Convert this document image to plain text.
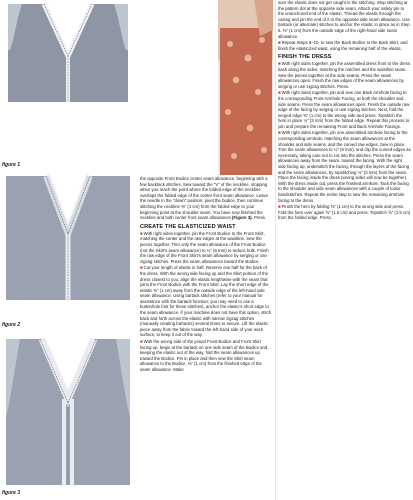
figure 1
figure 2
figure 3

the opposite Front Bodice center seam allowance, beginning with a few backtack stitches. Sew toward the "V" of the neckline, stopping when you reach the point where the folded edge of the neckline overlaps the folded edge of the center front seam allowance. Leave the needle in the "down" position; pivot the bodice, then continue stitching the neckline ⅜" (1 cm) from the folded edge to your beginning point at the shoulder seam. You have now finished the neckline and both center front seam allowances (Figure 3). Press.

CREATE THE ELASTICIZED WAIST

■With right sides together, pin the Front Bodice to the Front Skirt, matching the center and the raw edges at the waistline. Sew the pieces together. Trim only the seam allowance of the Front Bodice (not the Skirt's seam allowance) to ¼" (6 mm) to reduce bulk. Finish the raw edge of the Front Skirt's seam allowance by serging or use zigzag stitches. Press the seam allowances toward the Bodice.

■Cut your length of elastic in half. Reserve one half for the back of the dress. With the wrong side facing up and the Skirt portion of the dress closest to you, align the elastic lengthwise with the seam that joins the Front Bodice with the Front Skirt. Lay the short edge of the elastic ⅜" (1 cm) away from the outside edge of the left-hand side seam allowance. Using bartack stitches (refer to your manual for assistance with the bartack function; you may need to use a buttonhole foot for these stitches), anchor the elastic's short edge to the seam allowance. If your machine does not have this option, stitch back and forth across the elastic with narrow zigzag stitches (manually creating bartacks) several times to secure. Lift the elastic piece away from the fabric toward the left-hand side of your work surface, to keep it out of the way.

■With the wrong side of the joined Front Bodice and Front Skirt facing up, begin at the bartack on one side seam of the Bodice and, keeping the elastic out of the way, fold the seam allowances up toward the Bodice. Pin in place and then sew the Skirt seam allowance to the Bodice, ⅜" (1 cm) from the finished edge of the seam allowance. Make

sure the elastic does not get caught in the stitching. Stop stitching at the pattern dot at the opposite side seam. Attach your safety pin to the unanchored end of the elastic. Thread the elastic through the casing and pin the end of it to the opposite side seam allowance. Use bartack (or alternate) stitches to anchor the elastic in place as in Step 6. ⅜" (1 cm) from the outside edge of the right-hand side seam allowance.

■Repeat Steps 8–10, to sew the Back Bodice to the Back Skirt, and finish the elasticized waist, using the remaining half of the elastic.

FINISH THE DRESS

■With right sides together, pin the assembled dress front to the dress back along the sides, matching the notches and the waistline seam. Sew the pieces together at the side seams. Press the seam allowances open. Finish the raw edges of the seam allowances by serging or use zigzag stitches. Press.

■With right sides together, pin and sew one Back Armhole facing to the corresponding Front Armhole Facing, at both the shoulder and side seams. Press the seam allowances open. Finish the outside raw edge of the facing by serging or use zigzag stitches. Next, fold the serged edge ⅜" (1 cm) to the wrong side and press. Topstitch the hem in place ⅛" (3 mm) from the folded edge. Repeat this process to join and prepare the remaining Front and Back Armhole Facings.

■With right sides together, pin one assembled armhole facing to the corresponding armhole, matching the seam allowances at the shoulder and side seams, and the curved raw edges. Sew in place. Trim the seam allowances to ¼" (6 mm), and clip the curved edges as necessary, taking care not to cut into the stitches. Press the seam allowances away from the seam, toward the facing. With the right side facing up, understitch the facing, through the layers of the facing and the seam allowances, by topstitching ⅛" (3 mm) from the seam. Place the facing inside the dress (wrong sides will now be together). With the dress inside out, press the finished armhole. Tack the facing to the shoulder and side seam allowances with a couple of loose handstitches. Repeat the entire step to sew the remaining armhole facing to the dress.

■Finish the hem by folding ⅜" (1 cm) to the wrong side and press. Fold the hem over again ⅝" (1.5 cm) and press. Topstitch ⅝" (1.5 cm) from the folded edge. Press.
